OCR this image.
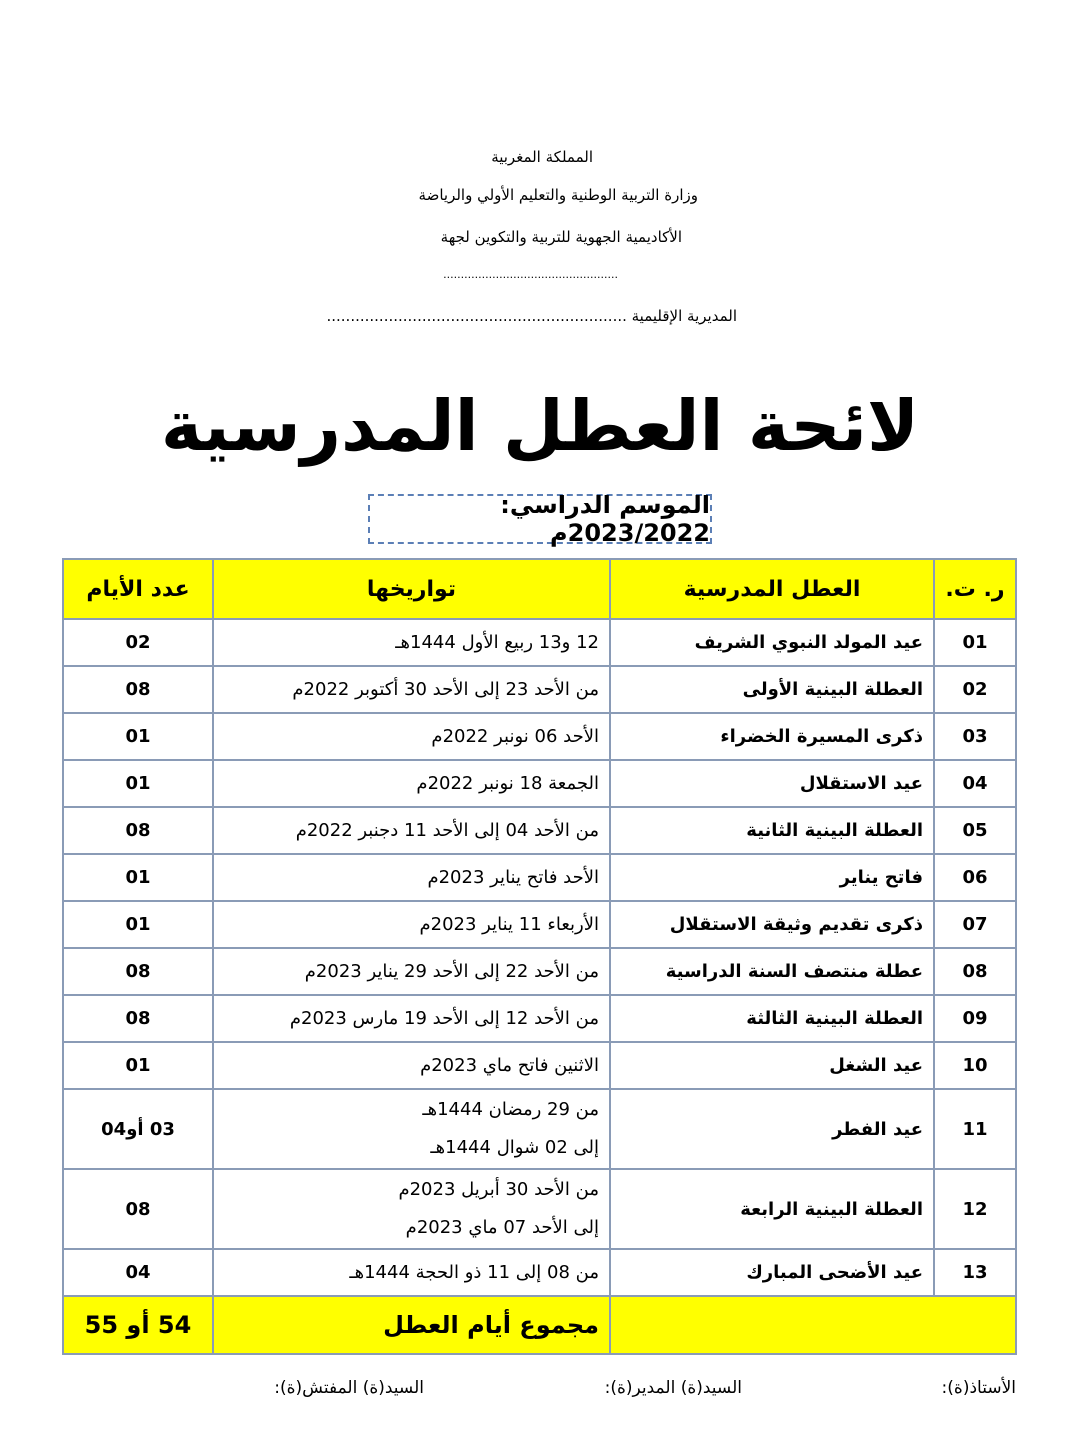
المملكة المغربية
وزارة التربية الوطنية والتعليم الأولي والرياضة
الأكاديمية الجهوية للتربية والتكوين لجهة
..................................................
المديرية الإقليمية ...............................................................
لائحة العطل المدرسية
الموسم الدراسي: 2023/2022م
ر. ت.	العطل المدرسية	تواريخها	عدد الأيام
01	عيد المولد النبوي الشريف	12 و13 ربيع الأول 1444هـ	02
02	العطلة البينية الأولى	من الأحد 23 إلى الأحد 30 أكتوبر 2022م	08
03	ذكرى المسيرة الخضراء	الأحد 06 نونبر 2022م	01
04	عيد الاستقلال	الجمعة 18 نونبر 2022م	01
05	العطلة البينية الثانية	من الأحد 04 إلى الأحد 11 دجنبر 2022م	08
06	فاتح يناير	الأحد فاتح يناير 2023م	01
07	ذكرى تقديم وثيقة الاستقلال	الأربعاء 11 يناير 2023م	01
08	عطلة منتصف السنة الدراسية	من الأحد 22 إلى الأحد 29 يناير 2023م	08
09	العطلة البينية الثالثة	من الأحد 12 إلى الأحد 19 مارس 2023م	08
10	عيد الشغل	الاثنين فاتح ماي 2023م	01
11	عيد الفطر	من 29 رمضان 1444هـ
إلى 02 شوال 1444هـ	03 أو04
12	العطلة البينية الرابعة	من الأحد 30 أبريل 2023م
إلى الأحد 07 ماي 2023م	08
13	عيد الأضحى المبارك	من 08 إلى 11 ذو الحجة 1444هـ	04
		مجموع أيام العطل	54 أو 55
الأستاذ(ة):
السيد(ة) المدير(ة):
السيد(ة) المفتش(ة):
